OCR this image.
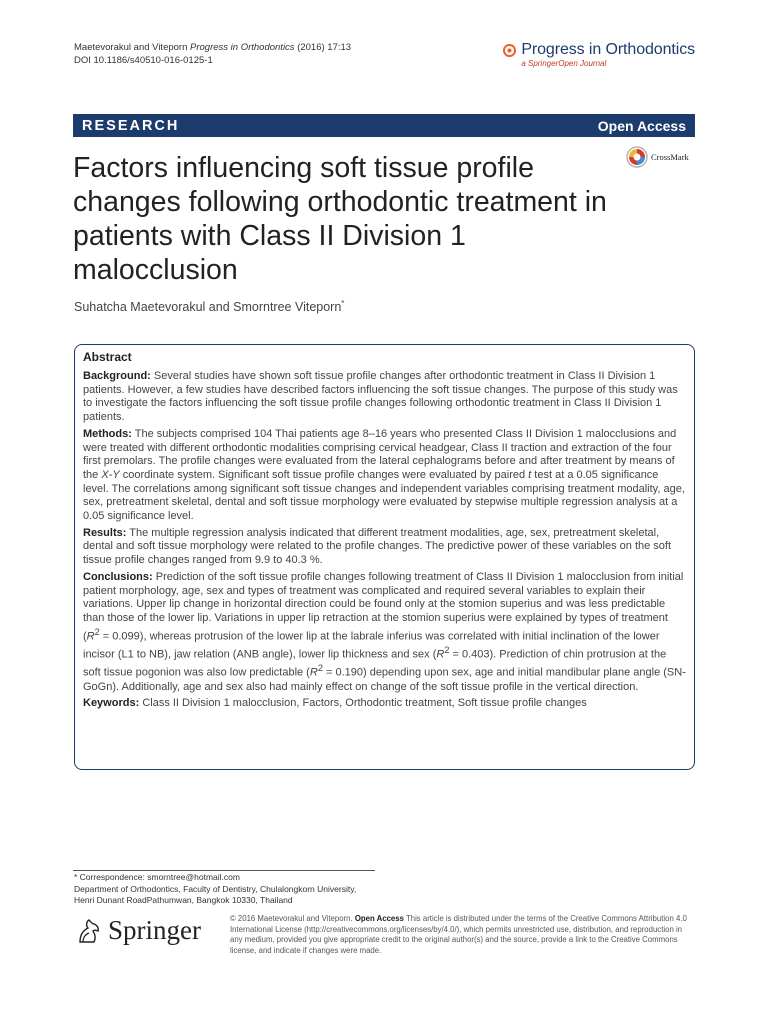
Maetevorakul and Viteporn Progress in Orthodontics (2016) 17:13
DOI 10.1186/s40510-016-0125-1
Progress in Orthodontics
a SpringerOpen Journal
RESEARCH	Open Access
CrossMark
Factors influencing soft tissue profile changes following orthodontic treatment in patients with Class II Division 1 malocclusion
Suhatcha Maetevorakul and Smorntree Viteporn*
Abstract

Background: Several studies have shown soft tissue profile changes after orthodontic treatment in Class II Division 1 patients. However, a few studies have described factors influencing the soft tissue changes. The purpose of this study was to investigate the factors influencing the soft tissue profile changes following orthodontic treatment in Class II Division 1 patients.

Methods: The subjects comprised 104 Thai patients age 8–16 years who presented Class II Division 1 malocclusions and were treated with different orthodontic modalities comprising cervical headgear, Class II traction and extraction of the four first premolars. The profile changes were evaluated from the lateral cephalograms before and after treatment by means of the X-Y coordinate system. Significant soft tissue profile changes were evaluated by paired t test at a 0.05 significance level. The correlations among significant soft tissue changes and independent variables comprising treatment modality, age, sex, pretreatment skeletal, dental and soft tissue morphology were evaluated by stepwise multiple regression analysis at a 0.05 significance level.

Results: The multiple regression analysis indicated that different treatment modalities, age, sex, pretreatment skeletal, dental and soft tissue morphology were related to the profile changes. The predictive power of these variables on the soft tissue profile changes ranged from 9.9 to 40.3 %.

Conclusions: Prediction of the soft tissue profile changes following treatment of Class II Division 1 malocclusion from initial patient morphology, age, sex and types of treatment was complicated and required several variables to explain their variations. Upper lip change in horizontal direction could be found only at the stomion superius and was less predictable than those of the lower lip. Variations in upper lip retraction at the stomion superius were explained by types of treatment $(R^2 = 0.099)$, whereas protrusion of the lower lip at the labrale inferius was correlated with initial inclination of the lower incisor (L1 to NB), jaw relation (ANB angle), lower lip thickness and sex $(R^2 = 0.403)$. Prediction of chin protrusion at the soft tissue pogonion was also low predictable $(R^2 = 0.190)$ depending upon sex, age and initial mandibular plane angle (SN-GoGn). Additionally, age and sex also had mainly effect on change of the soft tissue profile in the vertical direction.

Keywords: Class II Division 1 malocclusion, Factors, Orthodontic treatment, Soft tissue profile changes

* Correspondence: smorntree@hotmail.com
Department of Orthodontics, Faculty of Dentistry, Chulalongkorn University,
Henri Dunant RoadPathumwan, Bangkok 10330, Thailand
Springer	© 2016 Maetevorakul and Viteporn. Open Access This article is distributed under the terms of the Creative Commons Attribution 4.0 International License (http://creativecommons.org/licenses/by/4.0/), which permits unrestricted use, distribution, and reproduction in any medium, provided you give appropriate credit to the original author(s) and the source, provide a link to the Creative Commons license, and indicate if changes were made.
